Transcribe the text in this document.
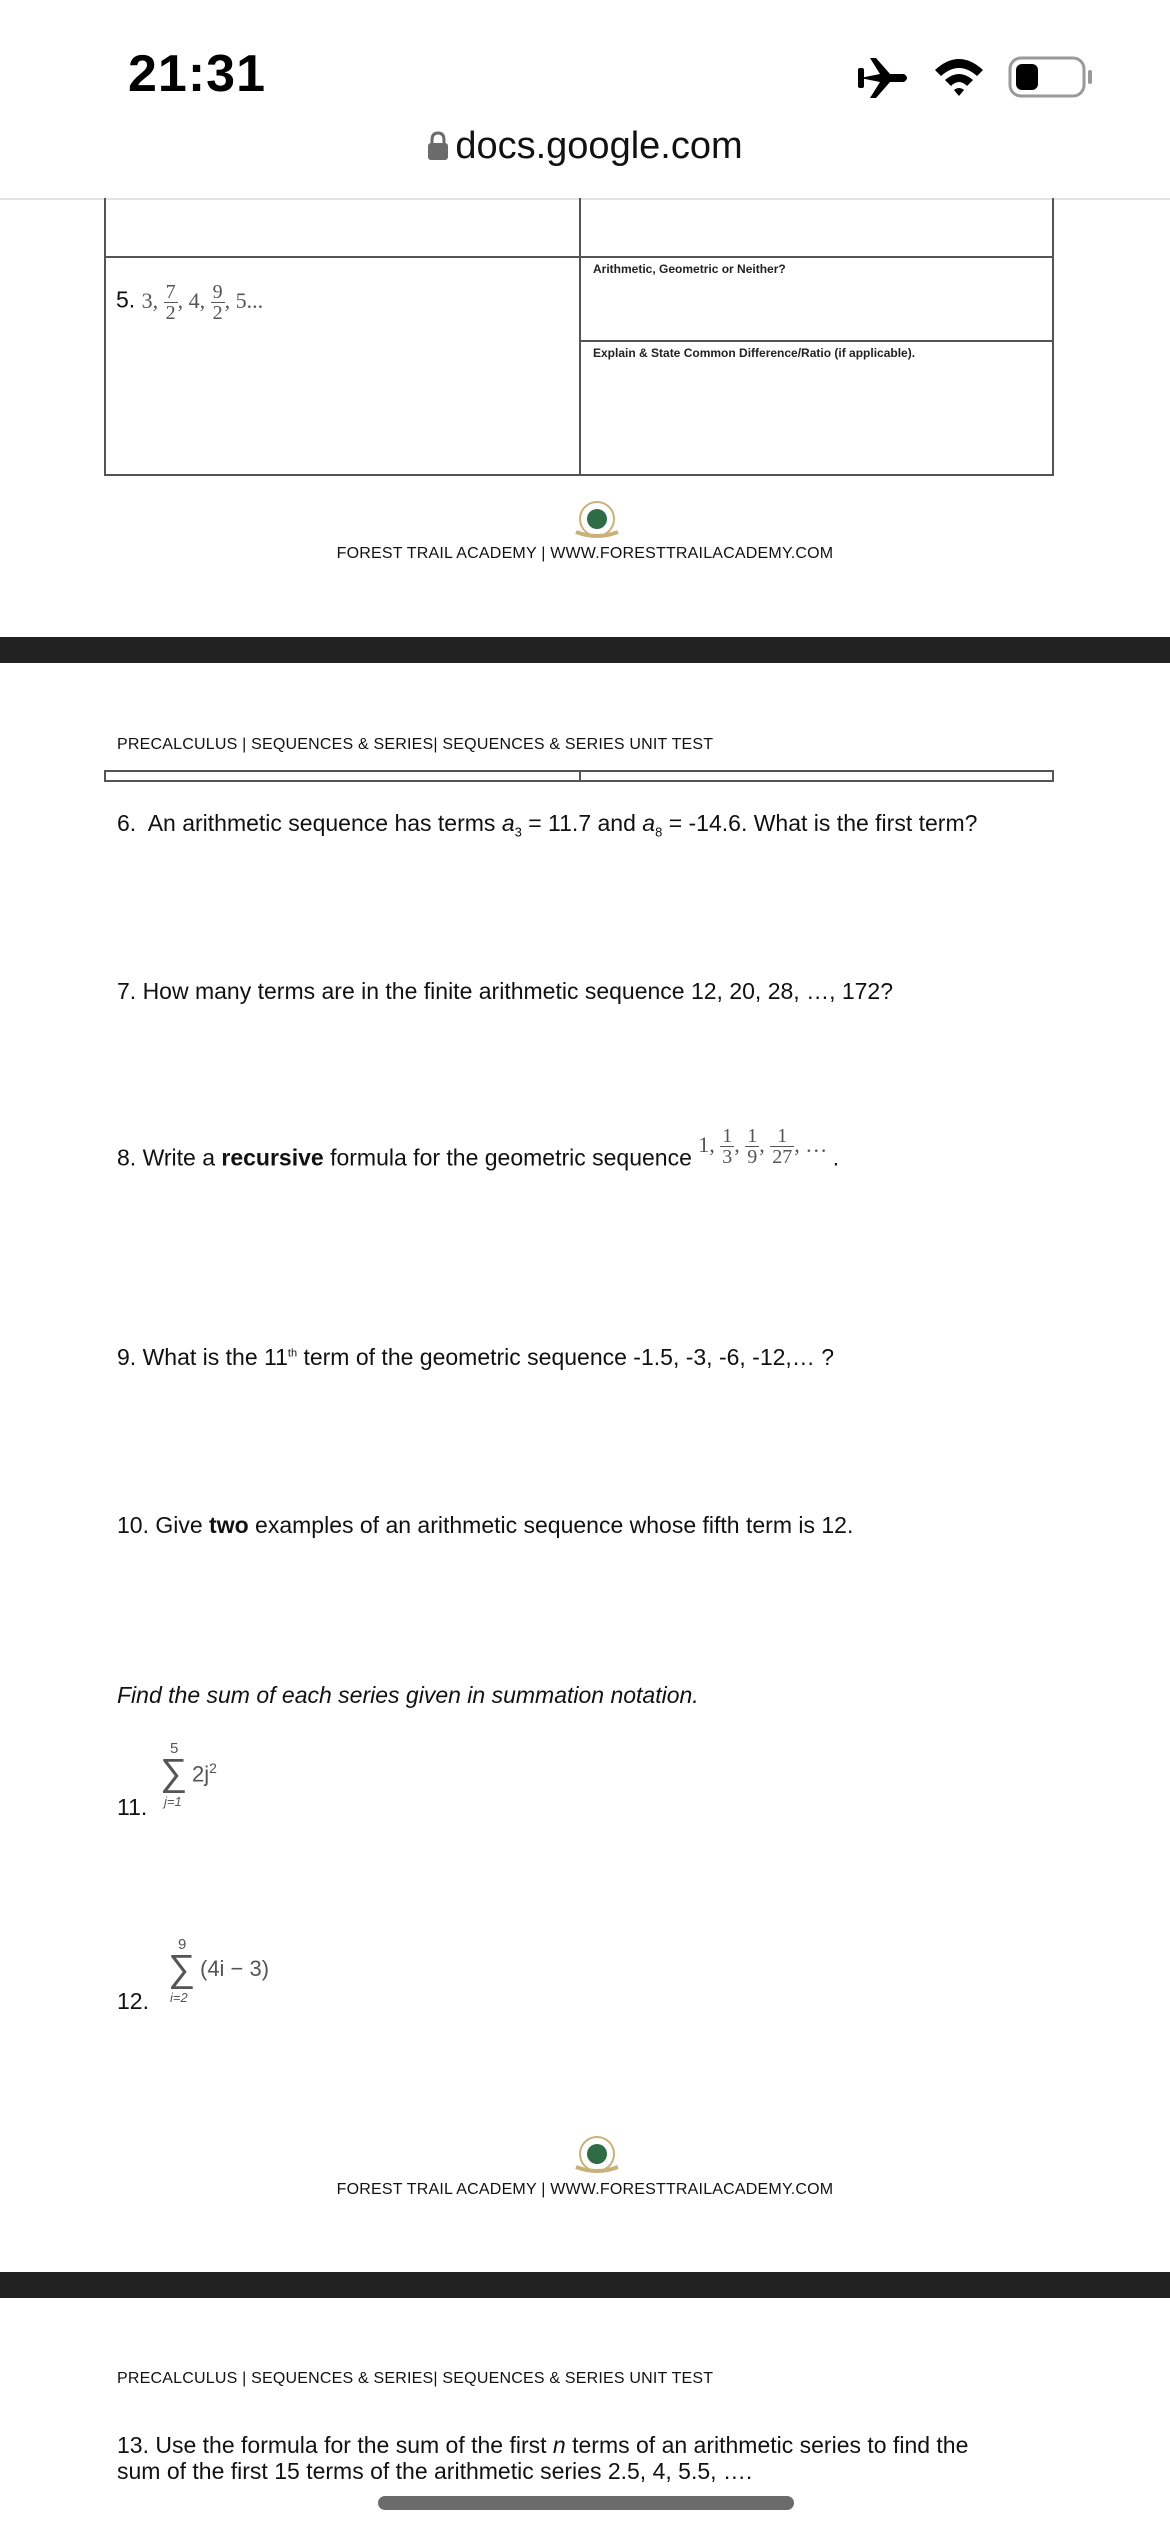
21:31
docs.google.com
5. 3, $\frac{7}{2}$ , 4, $\frac{9}{2}$ , 5...
Arithmetic, Geometric or Neither?
Explain & State Common Difference/Ratio (if applicable).
FOREST TRAIL ACADEMY | WWW.FORESTTRAILACADEMY.COM
PRECALCULUS | SEQUENCES & SERIES| SEQUENCES & SERIES UNIT TEST
6. An arithmetic sequence has terms $a_3 = 11.7$ and $a_8 = -14.6$. What is the first term?
7. How many terms are in the finite arithmetic sequence 12, 20, 28, …, 172?
8. Write a recursive formula for the geometric sequence 1, $\frac{1}{3}$ , $\frac{1}{9}$ , $\frac{1}{27}$ , … .
9. What is the 11th term of the geometric sequence -1.5, -3, -6, -12,… ?
10. Give two examples of an arithmetic sequence whose fifth term is 12.
Find the sum of each series given in summation notation.
11.
5
∑ $2j^2$
j=1
12.
9
∑ (4i − 3)
i=2
FOREST TRAIL ACADEMY | WWW.FORESTTRAILACADEMY.COM
PRECALCULUS | SEQUENCES & SERIES| SEQUENCES & SERIES UNIT TEST
13. Use the formula for the sum of the first n terms of an arithmetic series to find the
sum of the first 15 terms of the arithmetic series 2.5, 4, 5.5, ….
